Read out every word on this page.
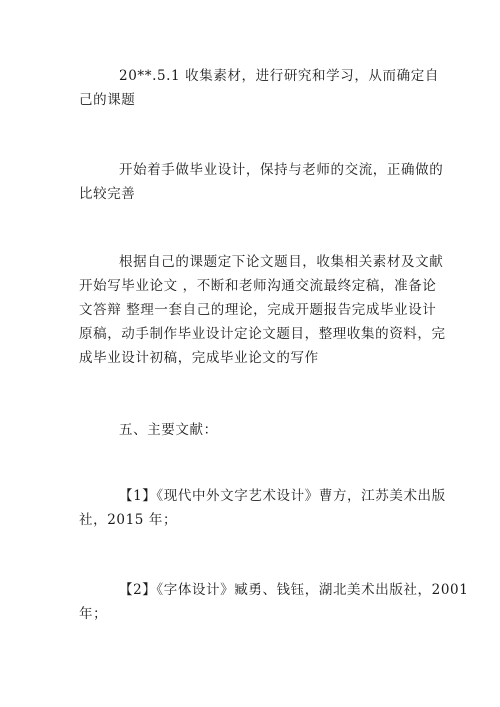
20**.5.1 收集素材，进行研究和学习，从而确定自
己的课题

开始着手做毕业设计，保持与老师的交流，正确做的
比较完善

根据自己的课题定下论文题目，收集相关素材及文献
开始写毕业论文 ，不断和老师沟通交流最终定稿，准备论
文答辩 整理一套自己的理论，完成开题报告完成毕业设计
原稿，动手制作毕业设计定论文题目，整理收集的资料，完
成毕业设计初稿，完成毕业论文的写作

五、主要文献：

【1】《现代中外文字艺术设计》曹方，江苏美术出版
社，2015 年；

【2】《字体设计》臧勇、钱钰，湖北美术出版社，2001
年；
